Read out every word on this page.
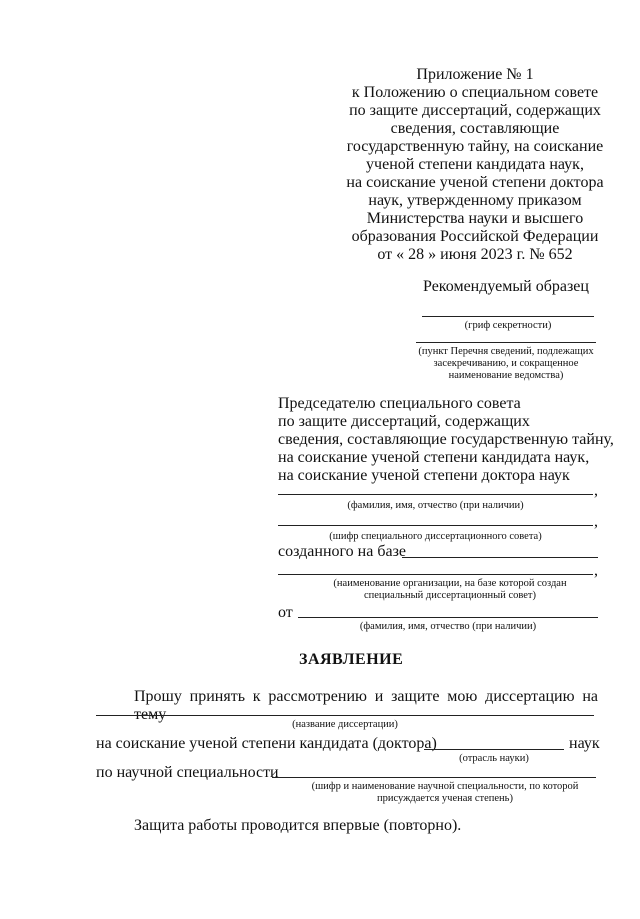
Приложение № 1
к Положению о специальном совете
по защите диссертаций, содержащих
сведения, составляющие
государственную тайну, на соискание
ученой степени кандидата наук,
на соискание ученой степени доктора
наук, утвержденному приказом
Министерства науки и высшего
образования Российской Федерации
от « 28 » июня 2023 г. № 652
Рекомендуемый образец
(гриф секретности)
(пункт Перечня сведений, подлежащих
засекречиванию, и сокращенное
наименование ведомства)
Председателю специального совета
по защите диссертаций, содержащих
сведения, составляющие государственную тайну,
на соискание ученой степени кандидата наук,
на соискание ученой степени доктора наук
,
(фамилия, имя, отчество (при наличии)
,
(шифр специального диссертационного совета)
созданного на базе
,
(наименование организации, на базе которой создан
специальный диссертационный совет)
от
(фамилия, имя, отчество (при наличии)
ЗАЯВЛЕНИЕ
Прошу принять к рассмотрению и защите мою диссертацию на тему
(название диссертации)
на соискание ученой степени кандидата (доктора)	наук
(отрасль науки)
по научной специальности
(шифр и наименование научной специальности, по которой
присуждается ученая степень)
Защита работы проводится впервые (повторно).
